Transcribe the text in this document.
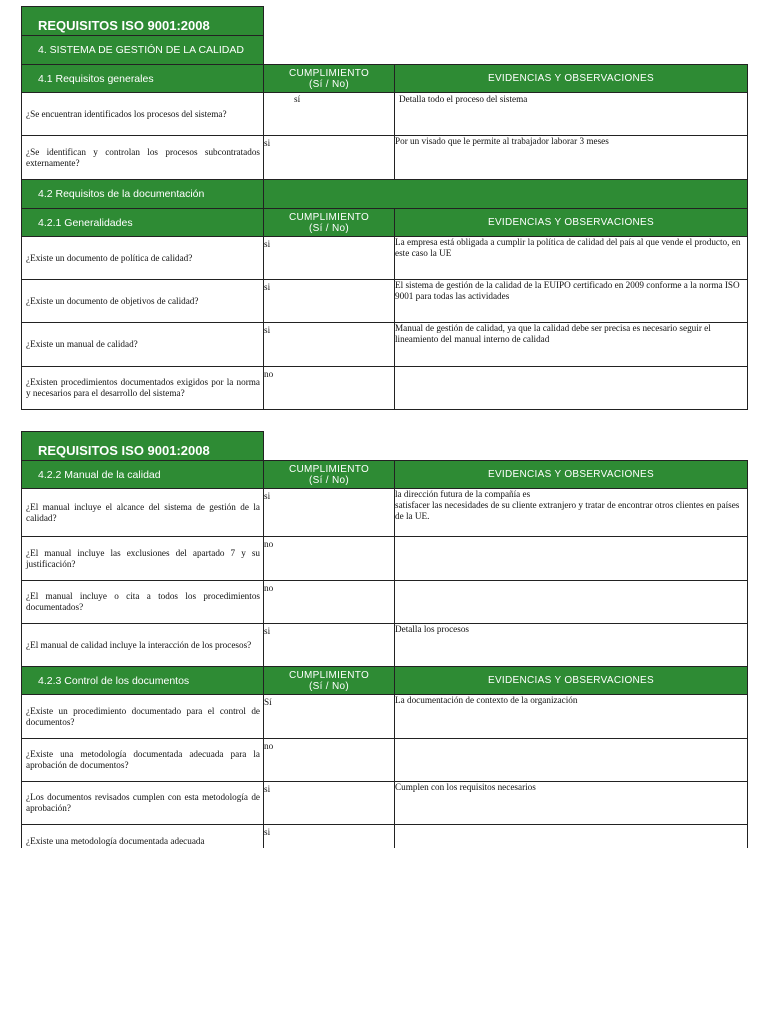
REQUISITOS ISO 9001:2008
4. SISTEMA DE GESTIÓN DE LA CALIDAD
4.1 Requisitos generales	CUMPLIMIENTO
(Sí / No)	EVIDENCIAS Y OBSERVACIONES
¿Se encuentran identificados los procesos del sistema?
sí	Detalla todo el proceso del sistema
¿Se identifican y controlan los procesos subcontratados externamente?
si	Por un visado que le permite al trabajador laborar 3 meses
4.2 Requisitos de la documentación
4.2.1 Generalidades	CUMPLIMIENTO
(Sí / No)	EVIDENCIAS Y OBSERVACIONES
¿Existe un documento de política de calidad?
si	La empresa está obligada a cumplir la política de calidad del país al que vende el producto, en este caso la UE
¿Existe un documento de objetivos de calidad?
si	El sistema de gestión de la calidad de la EUIPO certificado en 2009 conforme a la norma ISO 9001 para todas las actividades
¿Existe un manual de calidad?
si	Manual de gestión de calidad, ya que la calidad debe ser precisa es necesario seguir el lineamiento del manual interno de calidad
¿Existen procedimientos documentados exigidos por la norma y necesarios para el desarrollo del sistema?
no
REQUISITOS ISO 9001:2008
4.2.2 Manual de la calidad	CUMPLIMIENTO
(Sí / No)	EVIDENCIAS Y OBSERVACIONES
¿El manual incluye el alcance del sistema de gestión de la calidad?
si	la dirección futura de la compañía es
satisfacer las necesidades de su cliente extranjero y tratar de encontrar otros clientes en países
de la UE.
¿El manual incluye las exclusiones del apartado 7 y su justificación?
no
¿El manual incluye o cita a todos los procedimientos documentados?
no
¿El manual de calidad incluye la interacción de los procesos?
si	Detalla los procesos
4.2.3 Control de los documentos	CUMPLIMIENTO
(Sí / No)	EVIDENCIAS Y OBSERVACIONES
¿Existe un procedimiento documentado para el control de documentos?
Sí	La documentación de contexto de la organización
¿Existe una metodología documentada adecuada para la aprobación de documentos?
no
¿Los documentos revisados cumplen con esta metodología de aprobación?
si	Cumplen con los requisitos necesarios
¿Existe una metodología documentada adecuada
si
